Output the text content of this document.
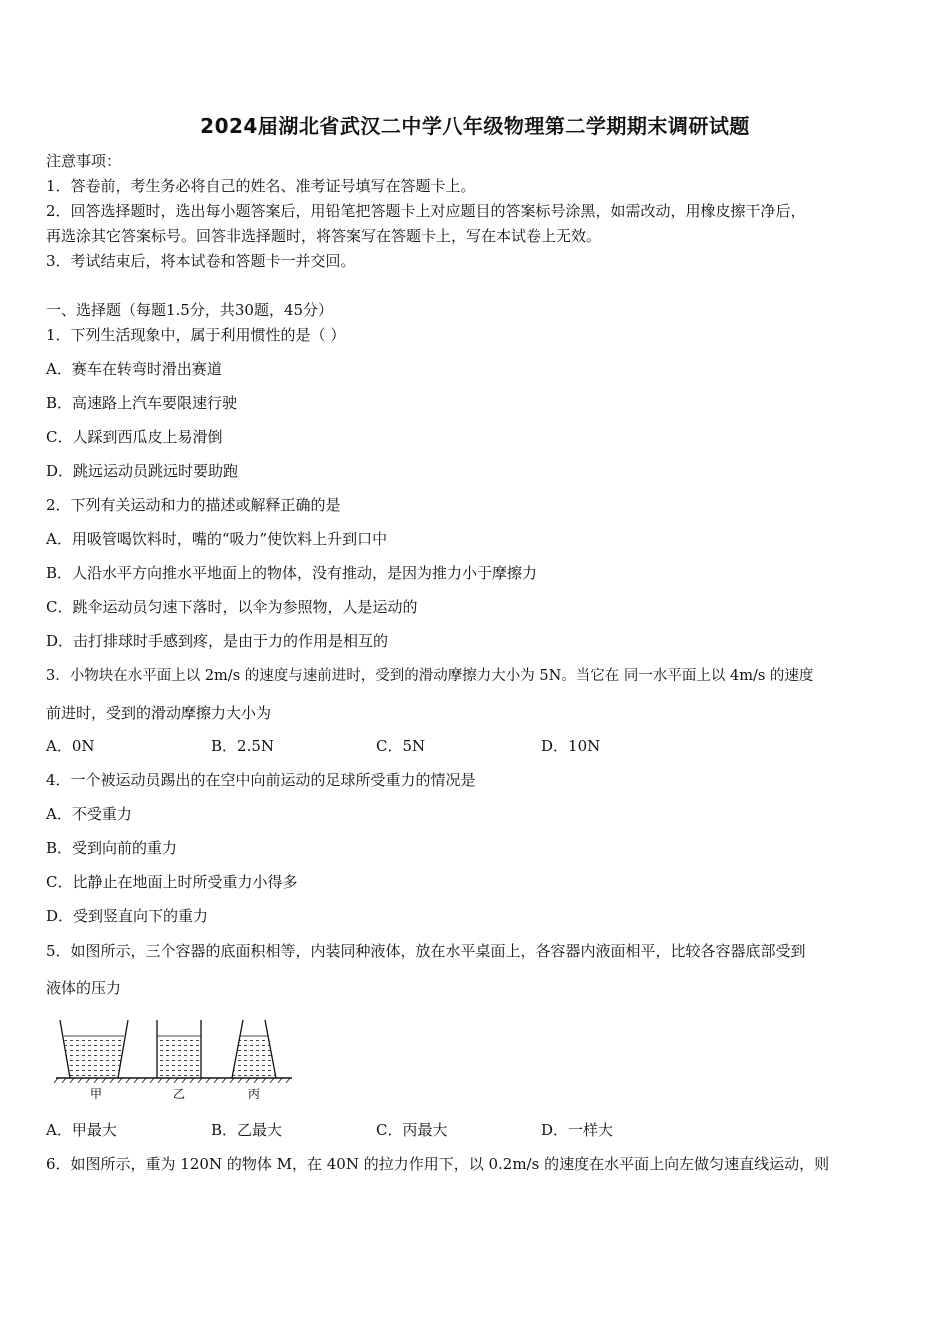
2024届湖北省武汉二中学八年级物理第二学期期末调研试题
注意事项：
1．答卷前，考生务必将自己的姓名、准考证号填写在答题卡上。
2．回答选择题时，选出每小题答案后，用铅笔把答题卡上对应题目的答案标号涂黑，如需改动，用橡皮擦干净后，
再选涂其它答案标号。回答非选择题时，将答案写在答题卡上，写在本试卷上无效。
3．考试结束后，将本试卷和答题卡一并交回。
一、选择题（每题1.5分，共30题，45分）
1．下列生活现象中，属于利用惯性的是（ ）
A．赛车在转弯时滑出赛道
B．高速路上汽车要限速行驶
C．人踩到西瓜皮上易滑倒
D．跳远运动员跳远时要助跑
2．下列有关运动和力的描述或解释正确的是
A．用吸管喝饮料时，嘴的“吸力”使饮料上升到口中
B．人沿水平方向推水平地面上的物体，没有推动，是因为推力小于摩擦力
C．跳伞运动员匀速下落时，以伞为参照物，人是运动的
D．击打排球时手感到疼，是由于力的作用是相互的
3．小物块在水平面上以 2m/s 的速度与速前进时，受到的滑动摩擦力大小为 5N。当它在 同一水平面上以 4m/s 的速度
前进时，受到的滑动摩擦力大小为
A．0N	B．2.5N	C．5N	D．10N
4．一个被运动员踢出的在空中向前运动的足球所受重力的情况是
A．不受重力
B．受到向前的重力
C．比静止在地面上时所受重力小得多
D．受到竖直向下的重力
5．如图所示，三个容器的底面积相等，内装同种液体，放在水平桌面上，各容器内液面相平，比较各容器底部受到
液体的压力
甲	乙	丙
A．甲最大	B．乙最大	C．丙最大	D．一样大
6．如图所示，重为 120N 的物体 M，在 40N 的拉力作用下，以 0.2m/s 的速度在水平面上向左做匀速直线运动，则
